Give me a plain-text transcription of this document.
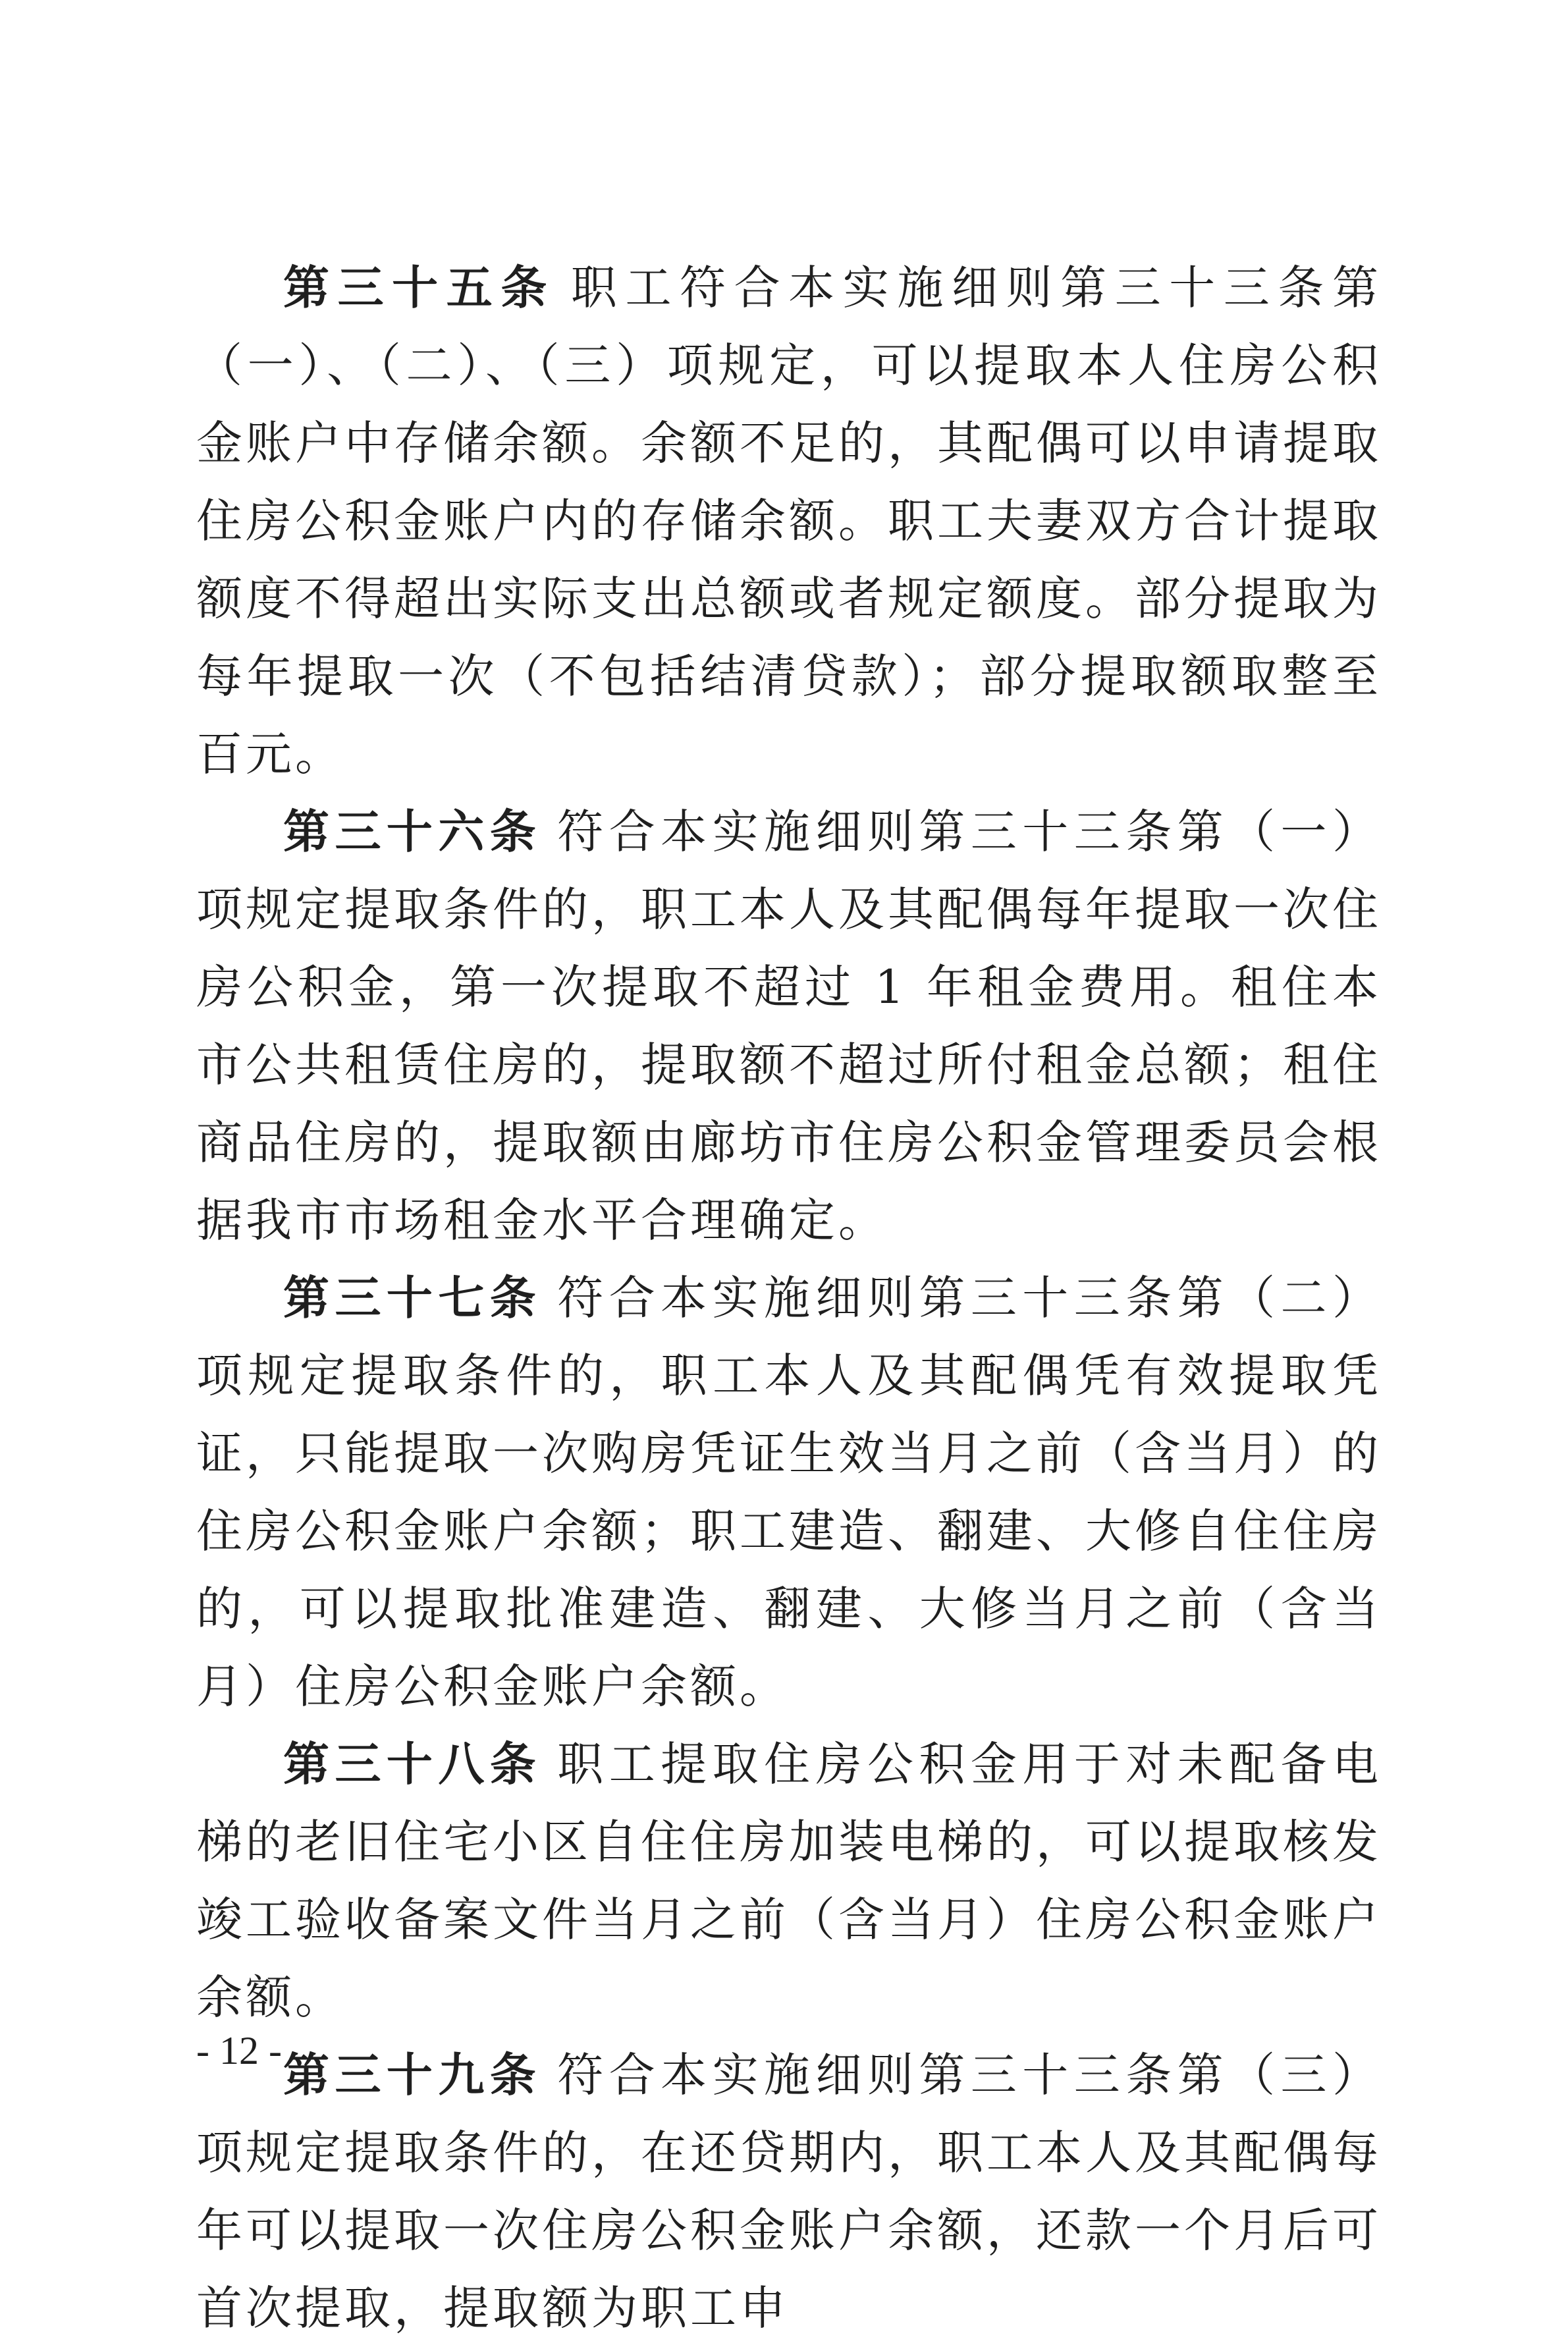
第三十五条 职工符合本实施细则第三十三条第（一）、（二）、（三）项规定，可以提取本人住房公积金账户中存储余额。余额不足的，其配偶可以申请提取住房公积金账户内的存储余额。职工夫妻双方合计提取额度不得超出实际支出总额或者规定额度。部分提取为每年提取一次（不包括结清贷款）；部分提取额取整至百元。

第三十六条 符合本实施细则第三十三条第（一）项规定提取条件的，职工本人及其配偶每年提取一次住房公积金，第一次提取不超过 1 年租金费用。租住本市公共租赁住房的，提取额不超过所付租金总额；租住商品住房的，提取额由廊坊市住房公积金管理委员会根据我市市场租金水平合理确定。

第三十七条 符合本实施细则第三十三条第（二）项规定提取条件的，职工本人及其配偶凭有效提取凭证，只能提取一次购房凭证生效当月之前（含当月）的住房公积金账户余额；职工建造、翻建、大修自住住房的，可以提取批准建造、翻建、大修当月之前（含当月）住房公积金账户余额。

第三十八条 职工提取住房公积金用于对未配备电梯的老旧住宅小区自住住房加装电梯的，可以提取核发竣工验收备案文件当月之前（含当月）住房公积金账户余额。

第三十九条 符合本实施细则第三十三条第（三）项规定提取条件的，在还贷期内，职工本人及其配偶每年可以提取一次住房公积金账户余额，还款一个月后可首次提取，提取额为职工申

- 12 -
